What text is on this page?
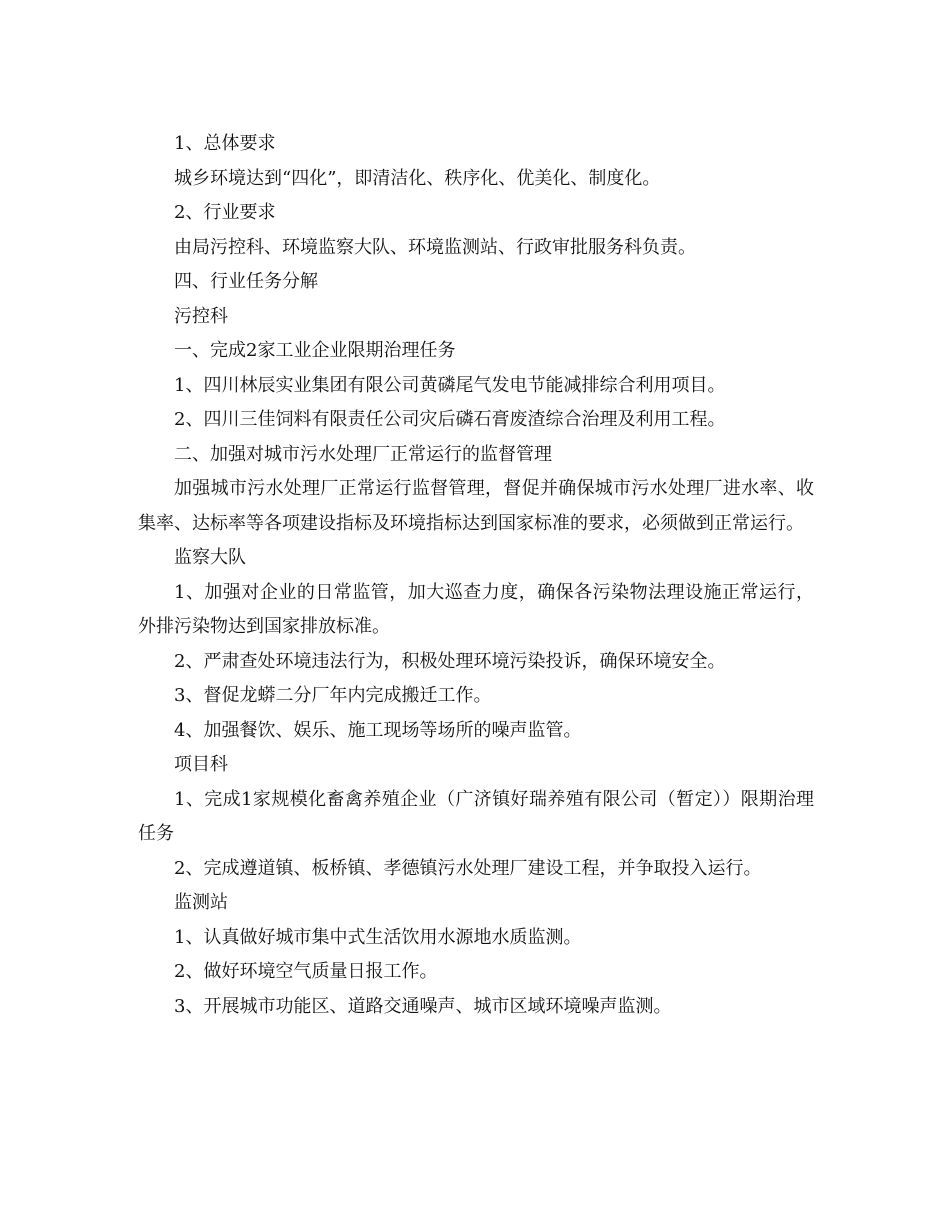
1、总体要求

城乡环境达到“四化”，即清洁化、秩序化、优美化、制度化。

2、行业要求

由局污控科、环境监察大队、环境监测站、行政审批服务科负责。

四、行业任务分解

污控科

一、完成2家工业企业限期治理任务

1、四川林辰实业集团有限公司黄磷尾气发电节能减排综合利用项目。

2、四川三佳饲料有限责任公司灾后磷石膏废渣综合治理及利用工程。

二、加强对城市污水处理厂正常运行的监督管理

加强城市污水处理厂正常运行监督管理，督促并确保城市污水处理厂进水率、收集率、达标率等各项建设指标及环境指标达到国家标准的要求，必须做到正常运行。

监察大队

1、加强对企业的日常监管，加大巡查力度，确保各污染物法理设施正常运行，外排污染物达到国家排放标准。

2、严肃查处环境违法行为，积极处理环境污染投诉，确保环境安全。

3、督促龙蟒二分厂年内完成搬迁工作。

4、加强餐饮、娱乐、施工现场等场所的噪声监管。

项目科

1、完成1家规模化畜禽养殖企业（广济镇好瑞养殖有限公司（暂定））限期治理任务

2、完成遵道镇、板桥镇、孝德镇污水处理厂建设工程，并争取投入运行。

监测站

1、认真做好城市集中式生活饮用水源地水质监测。

2、做好环境空气质量日报工作。

3、开展城市功能区、道路交通噪声、城市区域环境噪声监测。
